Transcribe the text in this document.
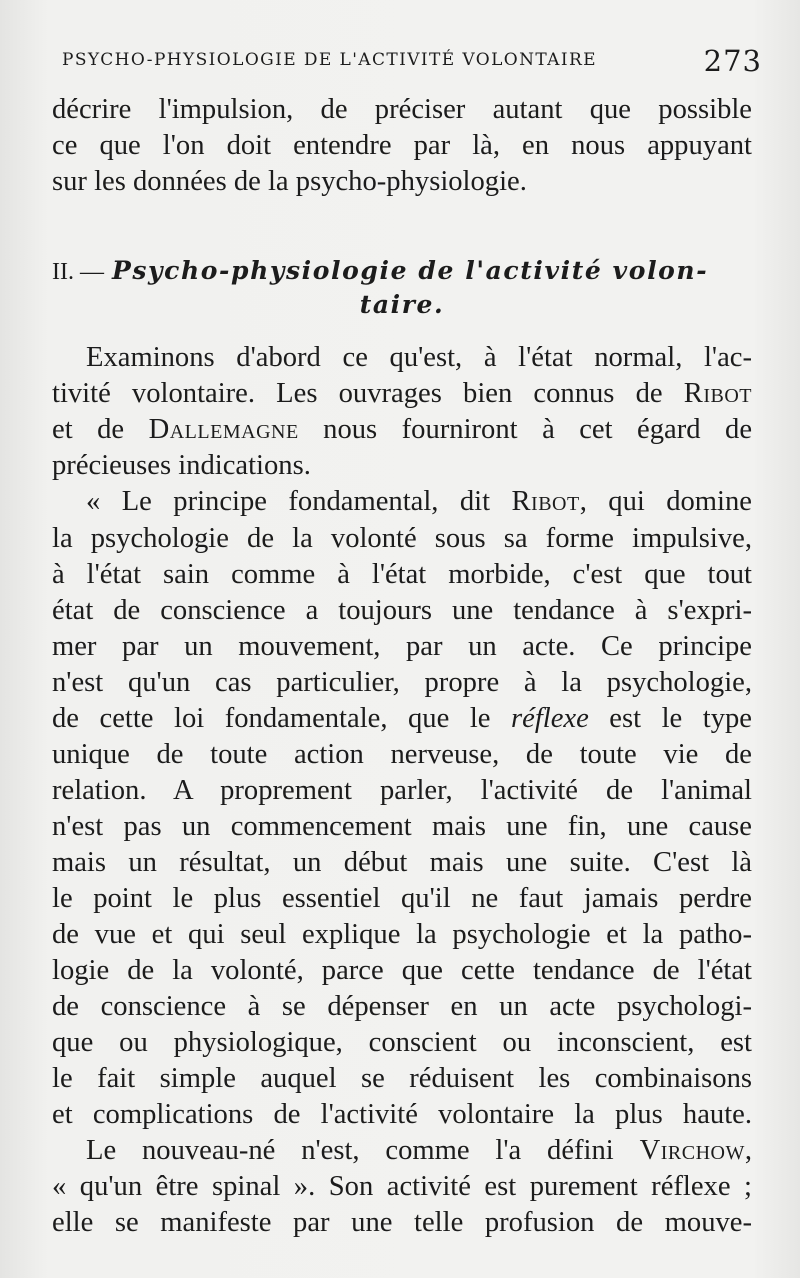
PSYCHO-PHYSIOLOGIE DE L'ACTIVITÉ VOLONTAIRE	273
décrire l'impulsion, de préciser autant que possible
ce que l'on doit entendre par là, en nous appuyant
sur les données de la psycho-physiologie.
II. — Psycho-physiologie de l'activité volon-
taire.
Examinons d'abord ce qu'est, à l'état normal, l'ac-
tivité volontaire. Les ouvrages bien connus de Ribot
et de Dallemagne nous fourniront à cet égard de
précieuses indications.
« Le principe fondamental, dit Ribot, qui domine
la psychologie de la volonté sous sa forme impulsive,
à l'état sain comme à l'état morbide, c'est que tout
état de conscience a toujours une tendance à s'expri-
mer par un mouvement, par un acte. Ce principe
n'est qu'un cas particulier, propre à la psychologie,
de cette loi fondamentale, que le réflexe est le type
unique de toute action nerveuse, de toute vie de
relation. A proprement parler, l'activité de l'animal
n'est pas un commencement mais une fin, une cause
mais un résultat, un début mais une suite. C'est là
le point le plus essentiel qu'il ne faut jamais perdre
de vue et qui seul explique la psychologie et la patho-
logie de la volonté, parce que cette tendance de l'état
de conscience à se dépenser en un acte psychologi-
que ou physiologique, conscient ou inconscient, est
le fait simple auquel se réduisent les combinaisons
et complications de l'activité volontaire la plus haute.
Le nouveau-né n'est, comme l'a défini Virchow,
« qu'un être spinal ». Son activité est purement réflexe ;
elle se manifeste par une telle profusion de mouve-
